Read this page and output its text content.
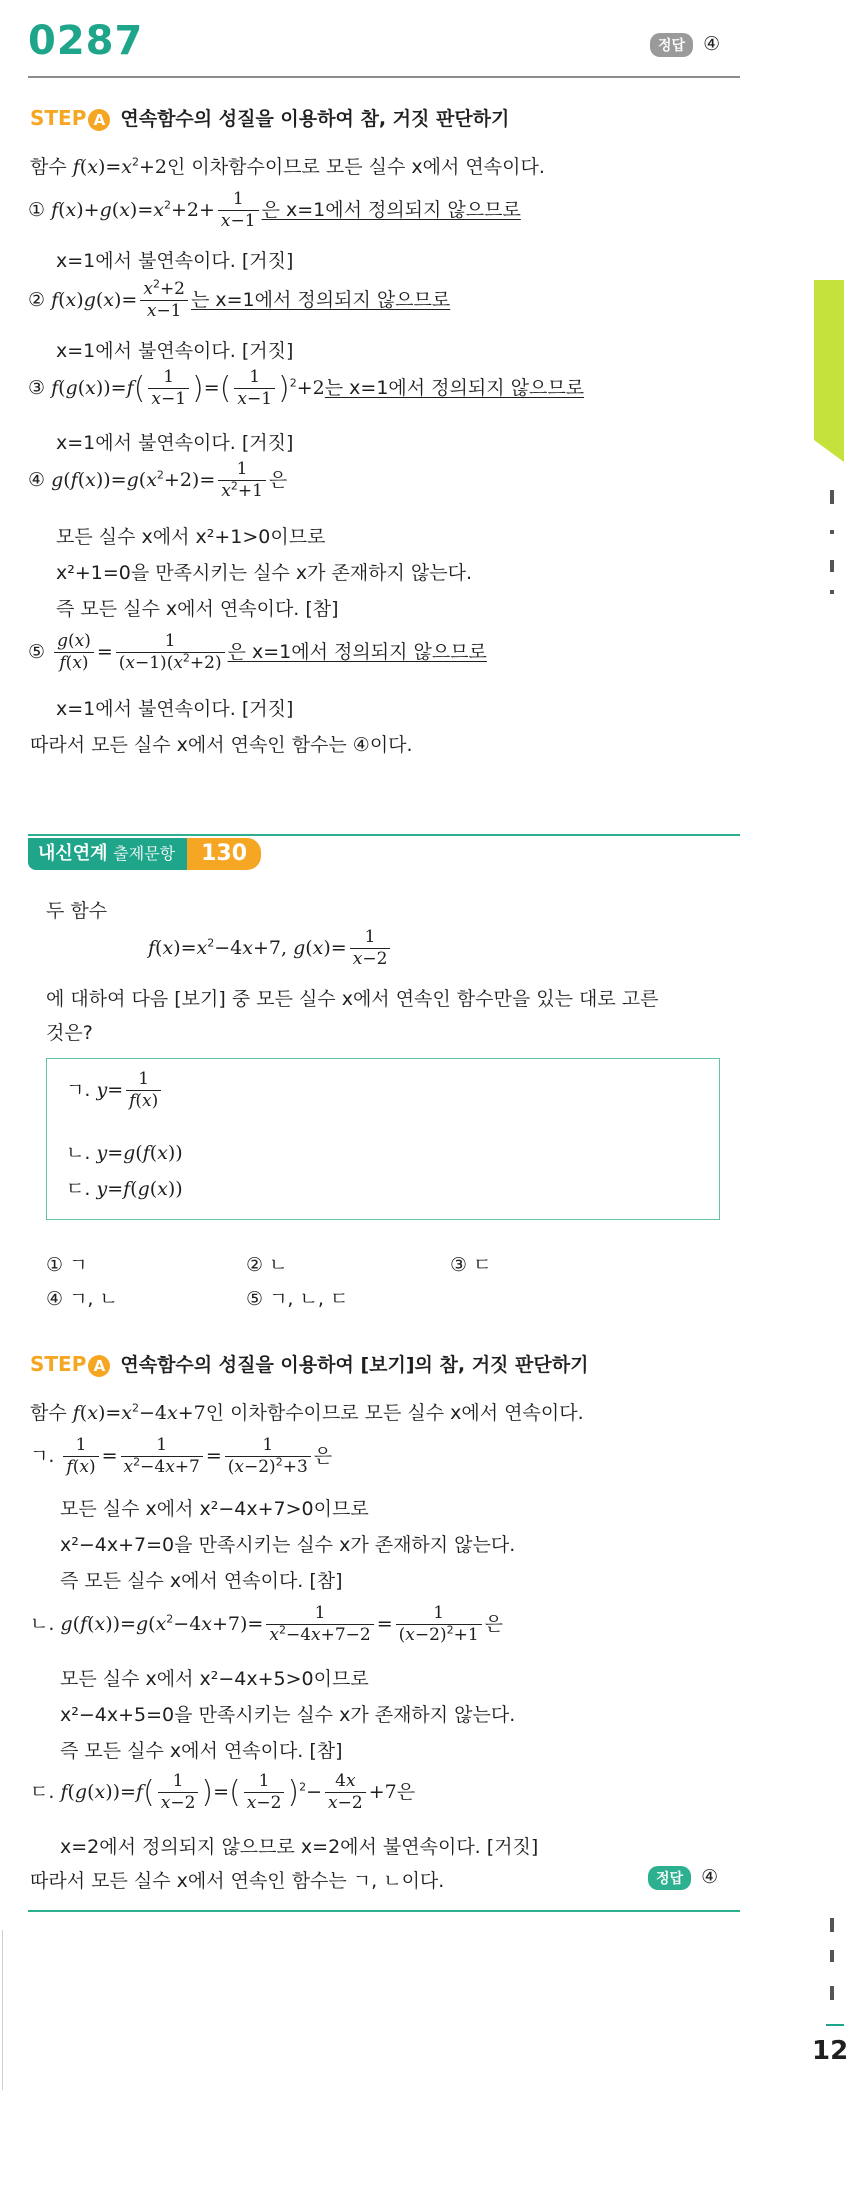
0287	정답 ④
STEP A 연속함수의 성질을 이용하여 참, 거짓 판단하기
함수 $f(x)=x^2+2$인 이차함수이므로 모든 실수 x에서 연속이다.
① $f(x)+g(x)=x^2+2+ \frac{1}{x-1}$ 은 x=1에서 정의되지 않으므로
x=1에서 불연속이다. [거짓]
② $f(x)g(x)= \frac{x^2+2}{x-1}$ 는 x=1에서 정의되지 않으므로
x=1에서 불연속이다. [거짓]
③ $f(g(x))=f( \frac{1}{x-1}$ )=( $\frac{1}{x-1} )^2+2$는 x=1에서 정의되지 않으므로
x=1에서 불연속이다. [거짓]
④ $g(f(x))=g(x^2+2)= \frac{1}{x^2+1}$ 은
모든 실수 x에서 x²+1>0이므로
x²+1=0을 만족시키는 실수 x가 존재하지 않는다.
즉 모든 실수 x에서 연속이다. [참]
⑤ $\frac{g(x)}{f(x)} = \frac{1}{(x-1)(x^2+2)}$ 은 x=1에서 정의되지 않으므로
x=1에서 불연속이다. [거짓]
따라서 모든 실수 x에서 연속인 함수는 ④이다.
내신연계 출제문항 130
두 함수
$f(x)=x^2-4x+7$, $g(x)= \frac{1}{x-2}$
에 대하여 다음 [보기] 중 모든 실수 x에서 연속인 함수만을 있는 대로 고른
것은?
ㄱ. $y= \frac{1}{f(x)}$
ㄴ. y=g(f(x))
ㄷ. y=f(g(x))
① ㄱ	② ㄴ	③ ㄷ
④ ㄱ, ㄴ	⑤ ㄱ, ㄴ, ㄷ
STEP A 연속함수의 성질을 이용하여 [보기]의 참, 거짓 판단하기
함수 $f(x)=x^2-4x+7$인 이차함수이므로 모든 실수 x에서 연속이다.
ㄱ. $\frac{1}{f(x)} = \frac{1}{x^2-4x+7} = \frac{1}{(x-2)^2+3}$ 은
모든 실수 x에서 x²−4x+7>0이므로
x²−4x+7=0을 만족시키는 실수 x가 존재하지 않는다.
즉 모든 실수 x에서 연속이다. [참]
ㄴ. $g(f(x))=g(x^2-4x+7)= \frac{1}{x^2-4x+7-2} = \frac{1}{(x-2)^2+1}$ 은
모든 실수 x에서 x²−4x+5>0이므로
x²−4x+5=0을 만족시키는 실수 x가 존재하지 않는다.
즉 모든 실수 x에서 연속이다. [참]
ㄷ. $f(g(x))=f( \frac{1}{x-2}$ )=( $\frac{1}{x-2} )^2- \frac{4x}{x-2} +7$은
x=2에서 정의되지 않으므로 x=2에서 불연속이다. [거짓]
따라서 모든 실수 x에서 연속인 함수는 ㄱ, ㄴ이다.	정답 ④
12
